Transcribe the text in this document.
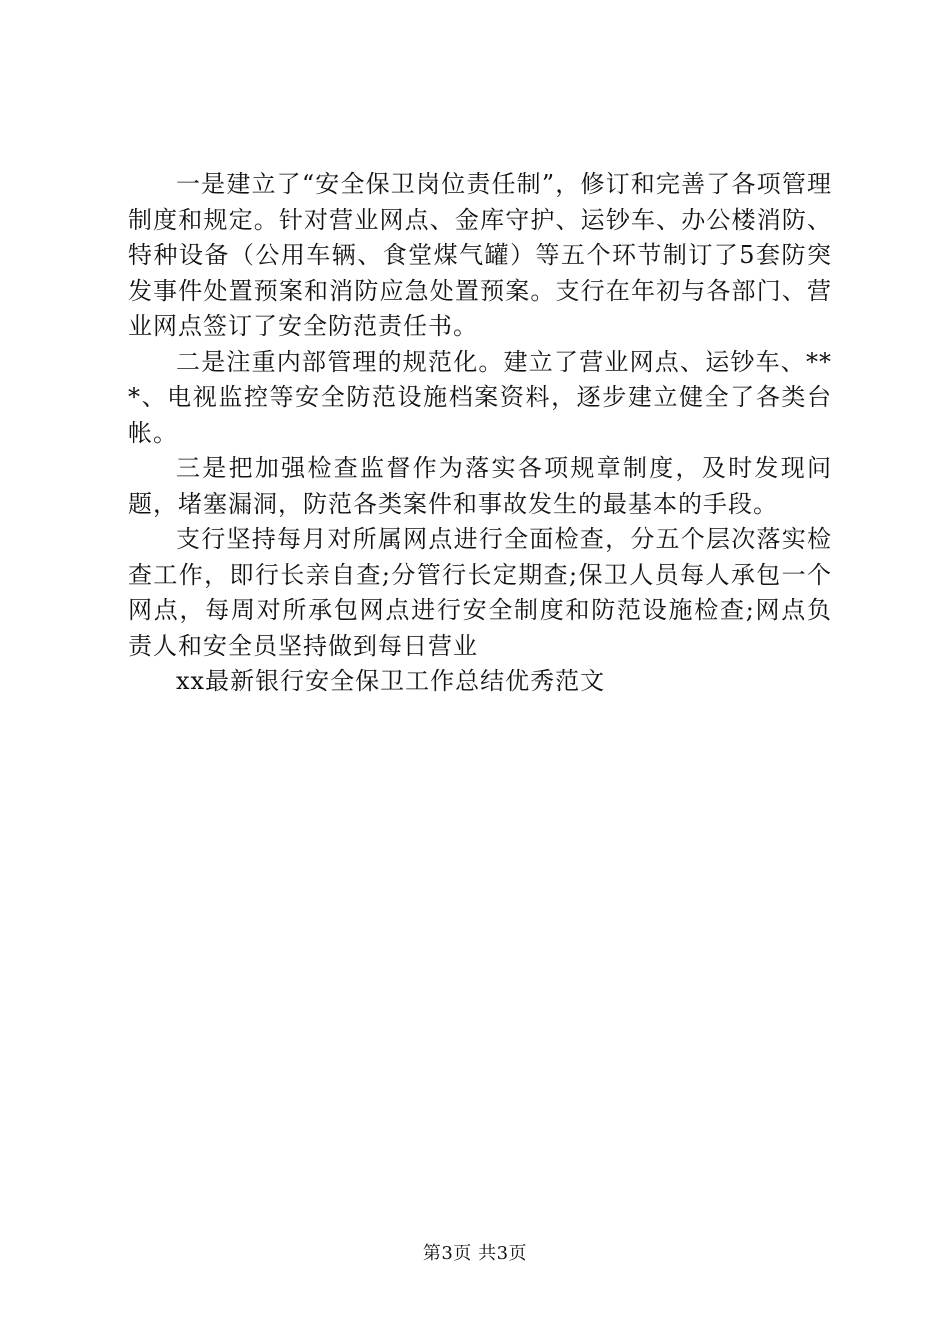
一是建立了“安全保卫岗位责任制”，修订和完善了各项管理制度和规定。针对营业网点、金库守护、运钞车、办公楼消防、特种设备（公用车辆、食堂煤气罐）等五个环节制订了5套防突发事件处置预案和消防应急处置预案。支行在年初与各部门、营业网点签订了安全防范责任书。

二是注重内部管理的规范化。建立了营业网点、运钞车、***、电视监控等安全防范设施档案资料，逐步建立健全了各类台帐。

三是把加强检查监督作为落实各项规章制度，及时发现问题，堵塞漏洞，防范各类案件和事故发生的最基本的手段。

支行坚持每月对所属网点进行全面检查，分五个层次落实检查工作，即行长亲自查;分管行长定期查;保卫人员每人承包一个网点，每周对所承包网点进行安全制度和防范设施检查;网点负责人和安全员坚持做到每日营业

xx最新银行安全保卫工作总结优秀范文

第3页 共3页
